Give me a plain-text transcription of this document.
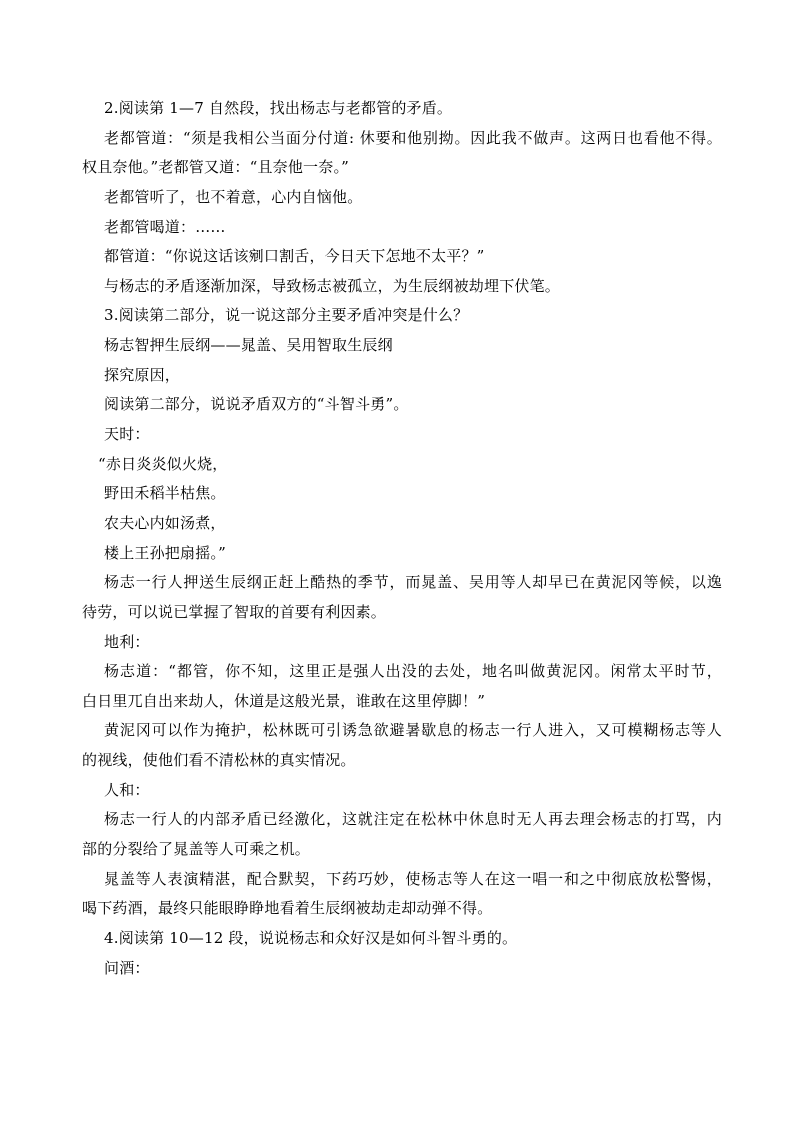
2.阅读第 1—7 自然段，找出杨志与老都管的矛盾。
老都管道：“须是我相公当面分付道: 休要和他别拗。因此我不做声。这两日也看他不得。
权且奈他。”老都管又道：“且奈他一奈。”
老都管听了，也不着意，心内自恼他。
老都管喝道：……
都管道：“你说这话该剜口割舌，今日天下怎地不太平？”
与杨志的矛盾逐渐加深，导致杨志被孤立，为生辰纲被劫埋下伏笔。
3.阅读第二部分，说一说这部分主要矛盾冲突是什么？
杨志智押生辰纲——晁盖、吴用智取生辰纲
探究原因，
阅读第二部分，说说矛盾双方的“斗智斗勇”。
天时：
“赤日炎炎似火烧，
野田禾稻半枯焦。
农夫心内如汤煮，
楼上王孙把扇摇。”
杨志一行人押送生辰纲正赶上酷热的季节，而晁盖、吴用等人却早已在黄泥冈等候，以逸
待劳，可以说已掌握了智取的首要有利因素。
地利：
杨志道：“都管，你不知，这里正是强人出没的去处，地名叫做黄泥冈。闲常太平时节，
白日里兀自出来劫人，休道是这般光景，谁敢在这里停脚！”
黄泥冈可以作为掩护，松林既可引诱急欲避暑歇息的杨志一行人进入，又可模糊杨志等人
的视线，使他们看不清松林的真实情况。
人和：
杨志一行人的内部矛盾已经激化，这就注定在松林中休息时无人再去理会杨志的打骂，内
部的分裂给了晁盖等人可乘之机。
晁盖等人表演精湛，配合默契，下药巧妙，使杨志等人在这一唱一和之中彻底放松警惕，
喝下药酒，最终只能眼睁睁地看着生辰纲被劫走却动弹不得。
4.阅读第 10—12 段，说说杨志和众好汉是如何斗智斗勇的。
问酒：
